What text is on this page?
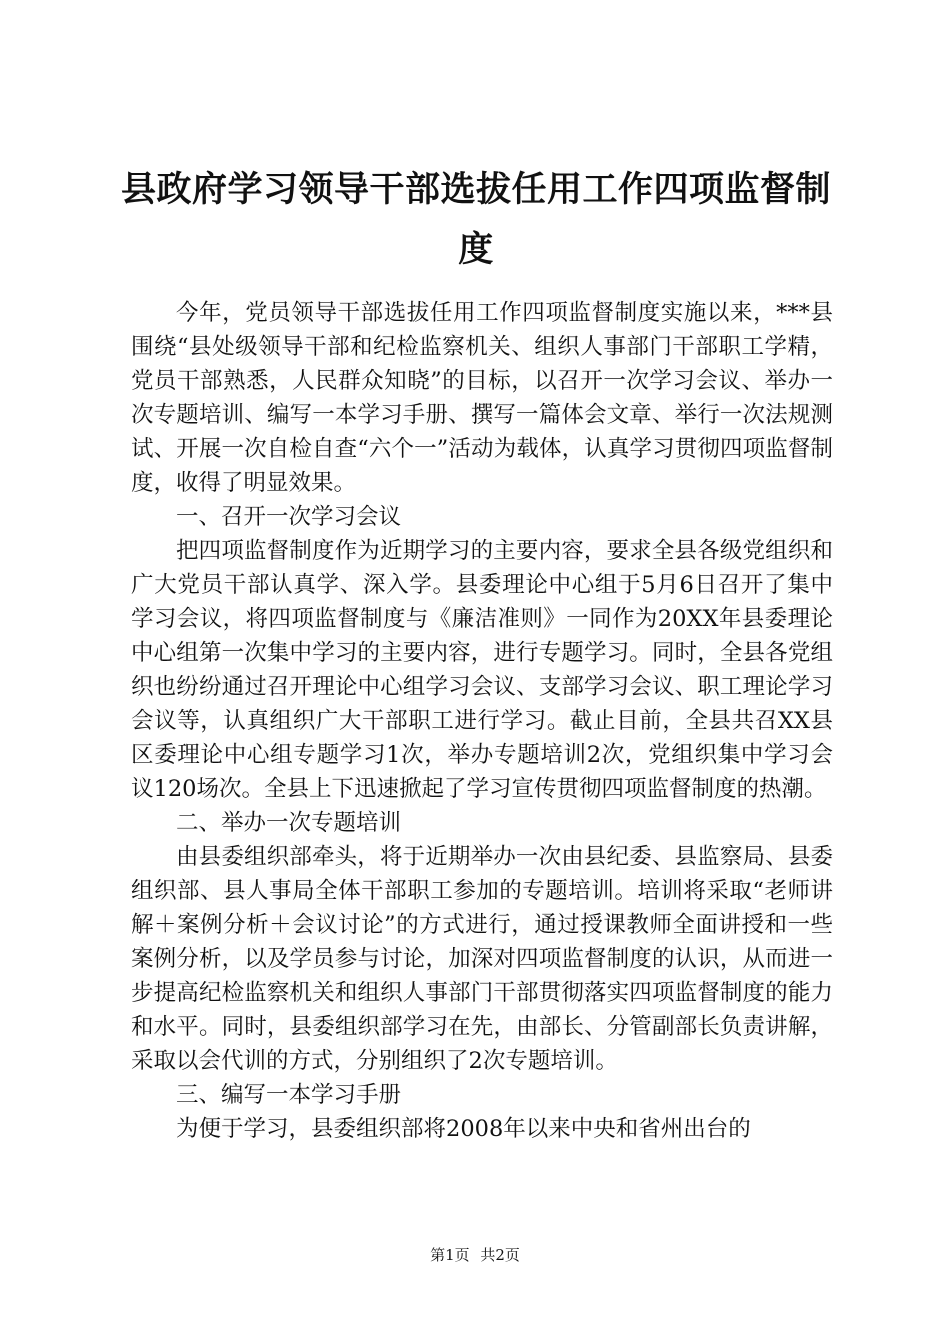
县政府学习领导干部选拔任用工作四项监督制度

今年，党员领导干部选拔任用工作四项监督制度实施以来，***县围绕“县处级领导干部和纪检监察机关、组织人事部门干部职工学精，党员干部熟悉，人民群众知晓”的目标，以召开一次学习会议、举办一次专题培训、编写一本学习手册、撰写一篇体会文章、举行一次法规测试、开展一次自检自查“六个一”活动为载体，认真学习贯彻四项监督制度，收得了明显效果。

一、召开一次学习会议

把四项监督制度作为近期学习的主要内容，要求全县各级党组织和广大党员干部认真学、深入学。县委理论中心组于5月6日召开了集中学习会议，将四项监督制度与《廉洁准则》一同作为20XX年县委理论中心组第一次集中学习的主要内容，进行专题学习。同时，全县各党组织也纷纷通过召开理论中心组学习会议、支部学习会议、职工理论学习会议等，认真组织广大干部职工进行学习。截止目前，全县共召XX县区委理论中心组专题学习1次，举办专题培训2次，党组织集中学习会议120场次。全县上下迅速掀起了学习宣传贯彻四项监督制度的热潮。

二、举办一次专题培训

由县委组织部牵头，将于近期举办一次由县纪委、县监察局、县委组织部、县人事局全体干部职工参加的专题培训。培训将采取“老师讲解＋案例分析＋会议讨论”的方式进行，通过授课教师全面讲授和一些案例分析，以及学员参与讨论，加深对四项监督制度的认识，从而进一步提高纪检监察机关和组织人事部门干部贯彻落实四项监督制度的能力和水平。同时，县委组织部学习在先，由部长、分管副部长负责讲解，采取以会代训的方式，分别组织了2次专题培训。

三、编写一本学习手册

为便于学习，县委组织部将2008年以来中央和省州出台的

第1页 共2页
